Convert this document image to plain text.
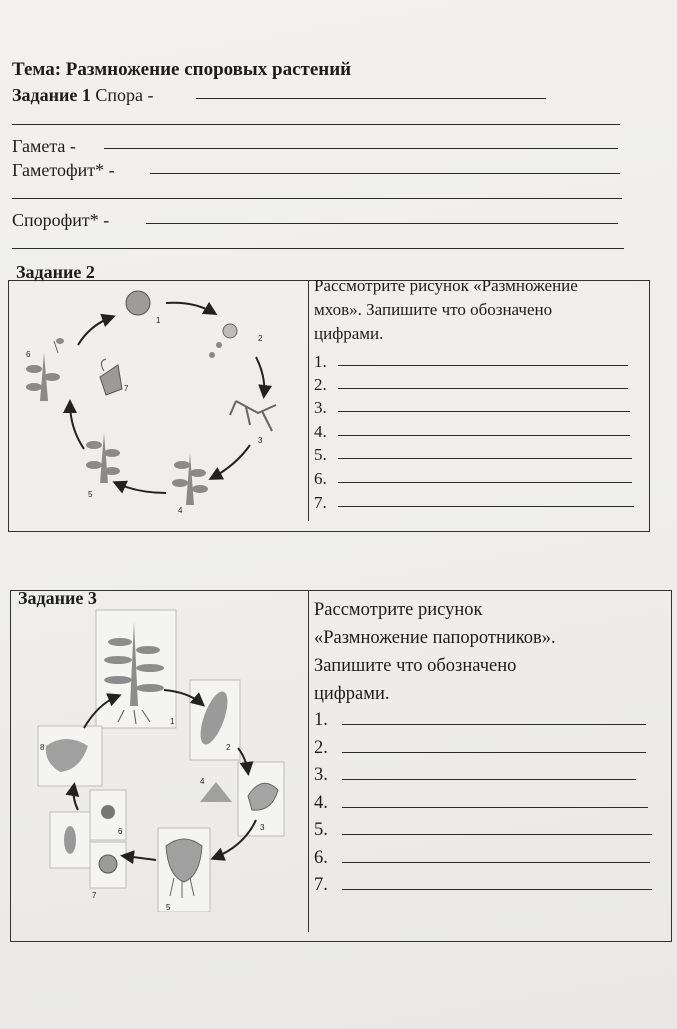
Тема: Размножение споровых растений
Задание 1 Спора -
Гамета -
Гаметофит* -
Спорофит* -
Задание 2
1
2
3
4
5
6
7
Рассмотрите рисунок «Размножение
мхов». Запишите что обозначено
цифрами.
1.
2.
3.
4.
5.
6.
7.
Задание 3
1
2
3
4
5
6
7
8
Рассмотрите рисунок
«Размножение папоротников».
Запишите что обозначено
цифрами.
1.
2.
3.
4.
5.
6.
7.
